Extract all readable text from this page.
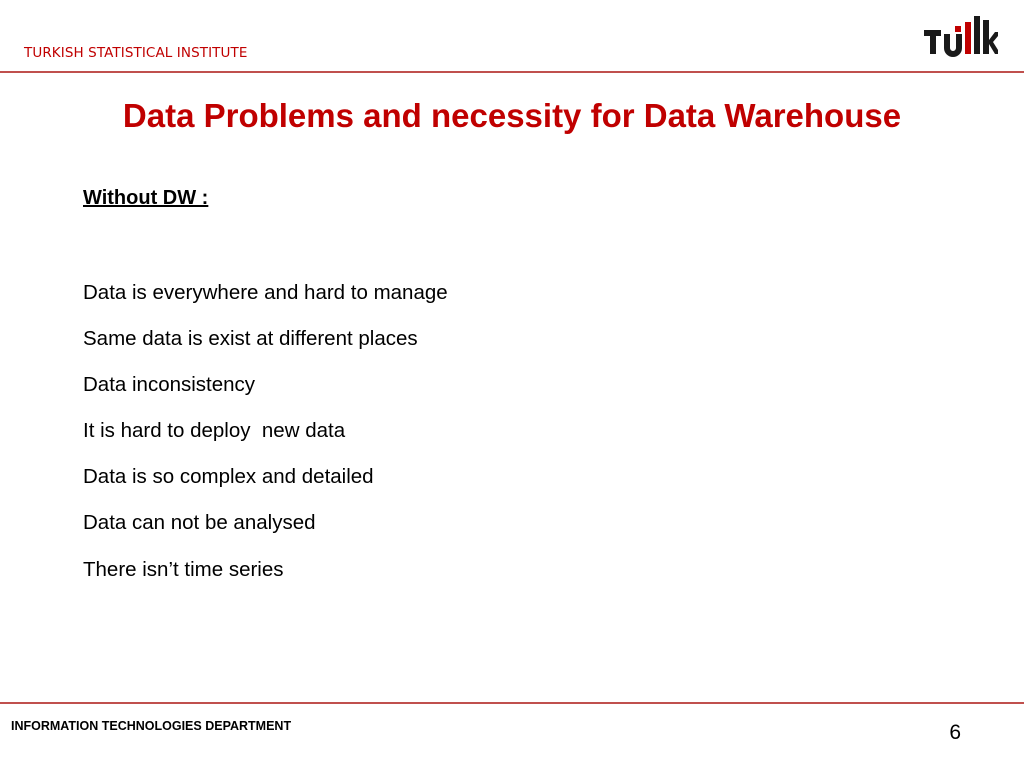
TURKISH STATISTICAL INSTITUTE
Data Problems and necessity for Data Warehouse
Without DW :
Data is everywhere and hard to manage
Same data is exist at different places
Data inconsistency
It is hard to deploy  new data
Data is so complex and detailed
Data can not be analysed
There isn’t time series
INFORMATION TECHNOLOGIES DEPARTMENT	6
